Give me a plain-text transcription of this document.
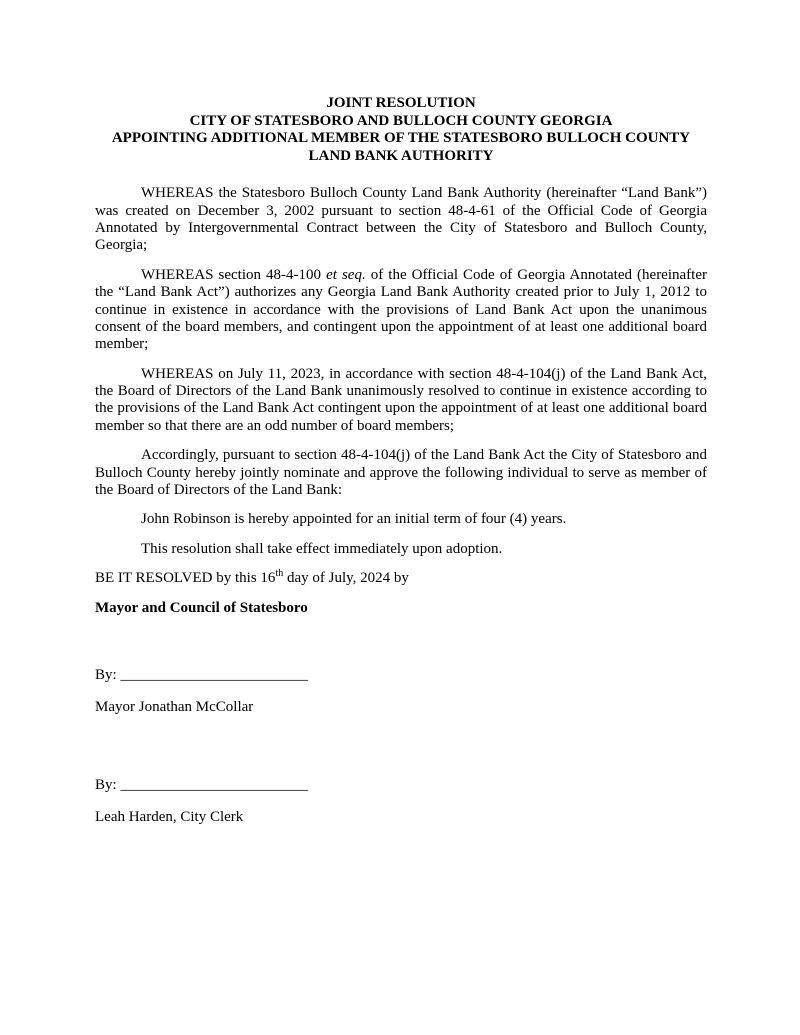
JOINT RESOLUTION
CITY OF STATESBORO AND BULLOCH COUNTY GEORGIA
APPOINTING ADDITIONAL MEMBER OF THE STATESBORO BULLOCH COUNTY
LAND BANK AUTHORITY

WHEREAS the Statesboro Bulloch County Land Bank Authority (hereinafter “Land Bank”) was created on December 3, 2002 pursuant to section 48-4-61 of the Official Code of Georgia Annotated by Intergovernmental Contract between the City of Statesboro and Bulloch County, Georgia;

WHEREAS section 48-4-100 et seq. of the Official Code of Georgia Annotated (hereinafter the “Land Bank Act”) authorizes any Georgia Land Bank Authority created prior to July 1, 2012 to continue in existence in accordance with the provisions of Land Bank Act upon the unanimous consent of the board members, and contingent upon the appointment of at least one additional board member;

WHEREAS on July 11, 2023, in accordance with section 48-4-104(j) of the Land Bank Act, the Board of Directors of the Land Bank unanimously resolved to continue in existence according to the provisions of the Land Bank Act contingent upon the appointment of at least one additional board member so that there are an odd number of board members;

Accordingly, pursuant to section 48-4-104(j) of the Land Bank Act the City of Statesboro and Bulloch County hereby jointly nominate and approve the following individual to serve as member of the Board of Directors of the Land Bank:

John Robinson is hereby appointed for an initial term of four (4) years.

This resolution shall take effect immediately upon adoption.

BE IT RESOLVED by this 16th day of July, 2024 by

Mayor and Council of Statesboro

By: _________________________

Mayor Jonathan McCollar

By: _________________________

Leah Harden, City Clerk
